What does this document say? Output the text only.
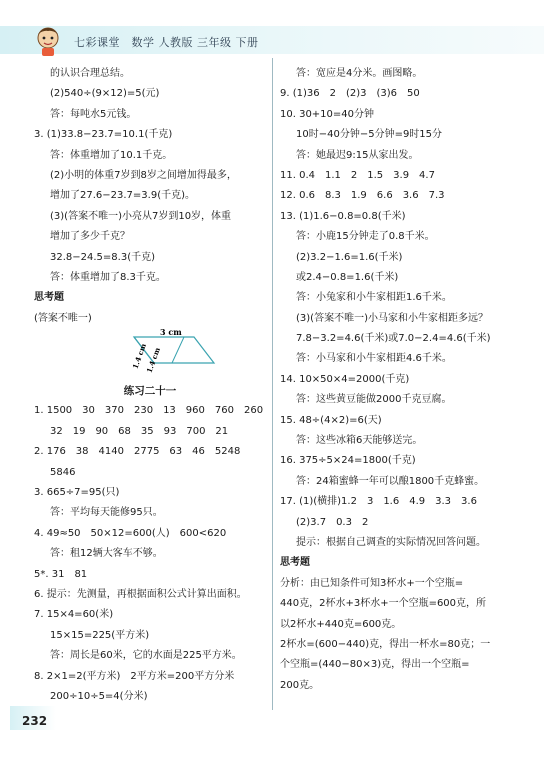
七彩课堂　数学 人教版 三年级 下册
的认识合理总结。
(2)540÷(9×12)=5(元)
答：每吨水5元钱。
3. (1)33.8−23.7=10.1(千克)
答：体重增加了10.1千克。
(2)小明的体重7岁到8岁之间增加得最多，
增加了27.6−23.7=3.9(千克)。
(3)(答案不唯一)小亮从7岁到10岁，体重
增加了多少千克？
32.8−24.5=8.3(千克)
答：体重增加了8.3千克。
思考题
(答案不唯一)
3 cm
1.4 cm
1.4 cm
练习二十一
1. 1500　30　370　230　13　960　760　260
32　19　90　68　35　93　700　21
2. 176　38　4140　2775　63　46　5248
5846
3. 665÷7=95(只)
答：平均每天能修95只。
4. 49≈50　50×12=600(人)　600<620
答：租12辆大客车不够。
5*. 31　81
6. 提示：先测量，再根据面积公式计算出面积。
7. 15×4=60(米)
15×15=225(平方米)
答：周长是60米，它的水面是225平方米。
8. 2×1=2(平方米)　2平方米=200平方分米
200÷10÷5=4(分米)
答：宽应是4分米。画图略。
9. (1)36　2　(2)3　(3)6　50
10. 30+10=40分钟
10时−40分钟−5分钟=9时15分
答：她最迟9:15从家出发。
11. 0.4　1.1　2　1.5　3.9　4.7
12. 0.6　8.3　1.9　6.6　3.6　7.3
13. (1)1.6−0.8=0.8(千米)
答：小鹿15分钟走了0.8千米。
(2)3.2−1.6=1.6(千米)
或2.4−0.8=1.6(千米)
答：小兔家和小牛家相距1.6千米。
(3)(答案不唯一)小马家和小牛家相距多远？
7.8−3.2=4.6(千米)或7.0−2.4=4.6(千米)
答：小马家和小牛家相距4.6千米。
14. 10×50×4=2000(千克)
答：这些黄豆能做2000千克豆腐。
15. 48÷(4×2)=6(天)
答：这些冰箱6天能够送完。
16. 375÷5×24=1800(千克)
答：24箱蜜蜂一年可以酿1800千克蜂蜜。
17. (1)(横排)1.2　3　1.6　4.9　3.3　3.6
(2)3.7　0.3　2
提示：根据自己调查的实际情况回答问题。
思考题
分析：由已知条件可知3杯水+一个空瓶=
440克，2杯水+3杯水+一个空瓶=600克，所
以2杯水+440克=600克。
2杯水=(600−440)克，得出一杯水=80克；一
个空瓶=(440−80×3)克，得出一个空瓶=
200克。
232
